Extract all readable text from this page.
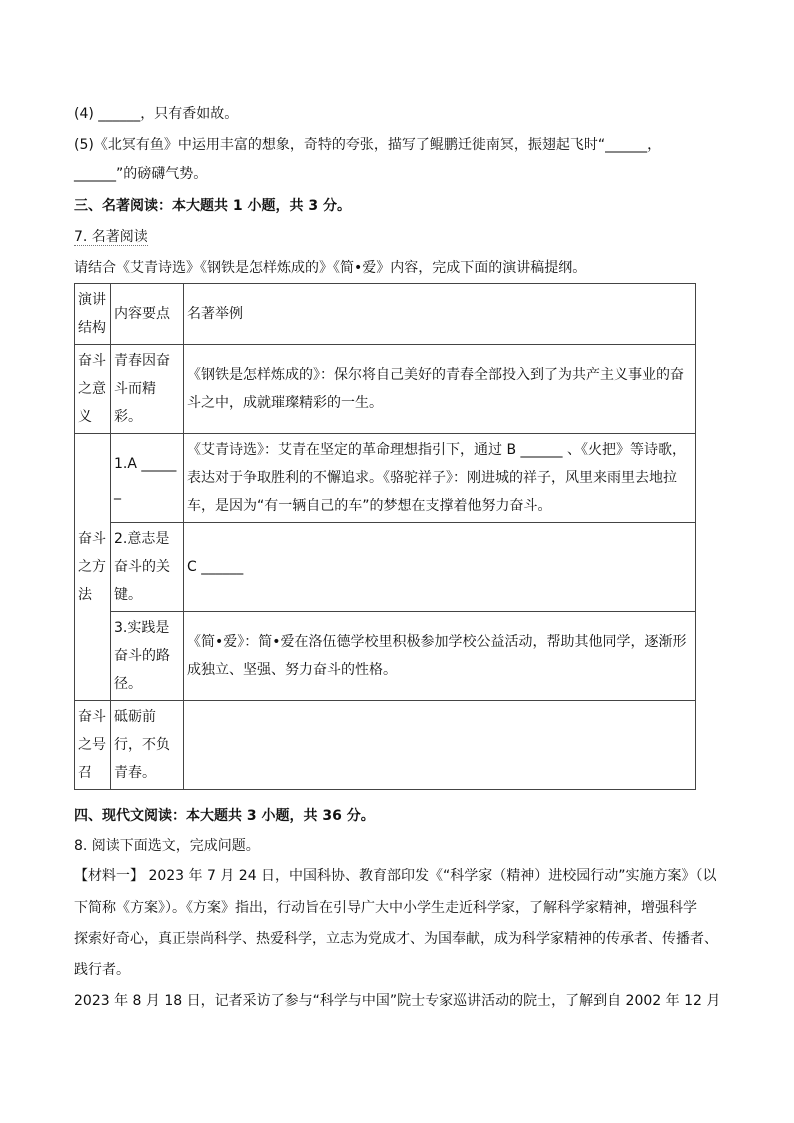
(4) ______，只有香如故。
(5)《北冥有鱼》中运用丰富的想象，奇特的夸张，描写了鲲鹏迁徙南冥，振翅起飞时“______，
______”的磅礴气势。
三、名著阅读：本大题共 1 小题，共 3 分。
7. 名著阅读
请结合《艾青诗选》《钢铁是怎样炼成的》《简•爱》内容，完成下面的演讲稿提纲。
演讲结构	内容要点	名著举例
奋斗之意义	青春因奋斗而精彩。	《钢铁是怎样炼成的》：保尔将自己美好的青春全部投入到了为共产主义事业的奋斗之中，成就璀璨精彩的一生。
奋斗之方法	1.A ______	《艾青诗选》：艾青在坚定的革命理想指引下，通过 B ______ 、《火把》等诗歌，表达对于争取胜利的不懈追求。《骆驼祥子》：刚进城的祥子，风里来雨里去地拉车，是因为“有一辆自己的车”的梦想在支撑着他努力奋斗。
	2.意志是奋斗的关键。	C ______
	3.实践是奋斗的路径。	《简•爱》：简•爱在洛伍德学校里积极参加学校公益活动，帮助其他同学，逐渐形成独立、坚强、努力奋斗的性格。
奋斗之号召	砥砺前行，不负青春。	
四、现代文阅读：本大题共 3 小题，共 36 分。
8. 阅读下面选文，完成问题。
【材料一】 2023 年 7 月 24 日，中国科协、教育部印发《“科学家（精神）进校园行动”实施方案》（以
下简称《方案》）。《方案》指出，行动旨在引导广大中小学生走近科学家，了解科学家精神，增强科学
探索好奇心，真正崇尚科学、热爱科学，立志为党成才、为国奉献，成为科学家精神的传承者、传播者、
践行者。
2023 年 8 月 18 日，记者采访了参与“科学与中国”院士专家巡讲活动的院士，了解到自 2002 年 12 月
